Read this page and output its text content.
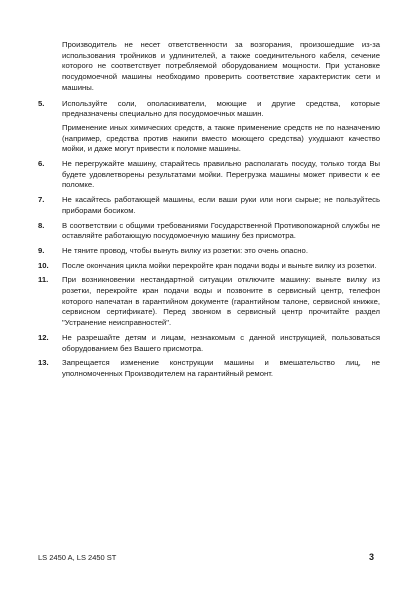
Производитель не несет ответственности за возгорания, произошедшие из-за использования тройников и удлинителей, а также соединительного кабеля, сечение которого не соответствует потребляемой оборудованием мощности. При установке посудомоечной машины необходимо проверить соответствие характеристик сети и машины.

5.	Используйте соли, ополаскиватели, моющие и другие средства, которые предназначены специально для посудомоечных машин.

Применение иных химических средств, а также применение средств не по назначению (например, средства против накипи вместо моющего средства) ухудшают качество мойки, и даже могут привести к поломке машины.

6.	Не перегружайте машину, старайтесь правильно располагать посуду, только тогда Вы будете удовлетворены результатами мойки. Перегрузка машины может привести к ее поломке.

7.	Не касайтесь работающей машины, если ваши руки или ноги сырые; не пользуйтесь приборами босиком.

8.	В соответствии с общими требованиями Государственной Противопожарной службы не оставляйте работающую посудомоечную машину без присмотра.

9.	Не тяните провод, чтобы вынуть вилку из розетки: это очень опасно.

10.	После окончания цикла мойки перекройте кран подачи воды и выньте вилку из розетки.

11.	При возникновении нестандартной ситуации отключите машину: выньте вилку из розетки, перекройте кран подачи воды и позвоните в сервисный центр, телефон которого напечатан в гарантийном документе (гарантийном талоне, сервисной книжке, сервисном сертификате). Перед звонком в сервисный центр прочитайте раздел "Устранение неисправностей".

12.	Не разрешайте детям и лицам, незнакомым с данной инструкцией, пользоваться оборудованием без Вашего присмотра.

13.	Запрещается изменение конструкции машины и вмешательство лиц, не уполномоченных Производителем на гарантийный ремонт.

LS 2450 A, LS 2450 ST	3
